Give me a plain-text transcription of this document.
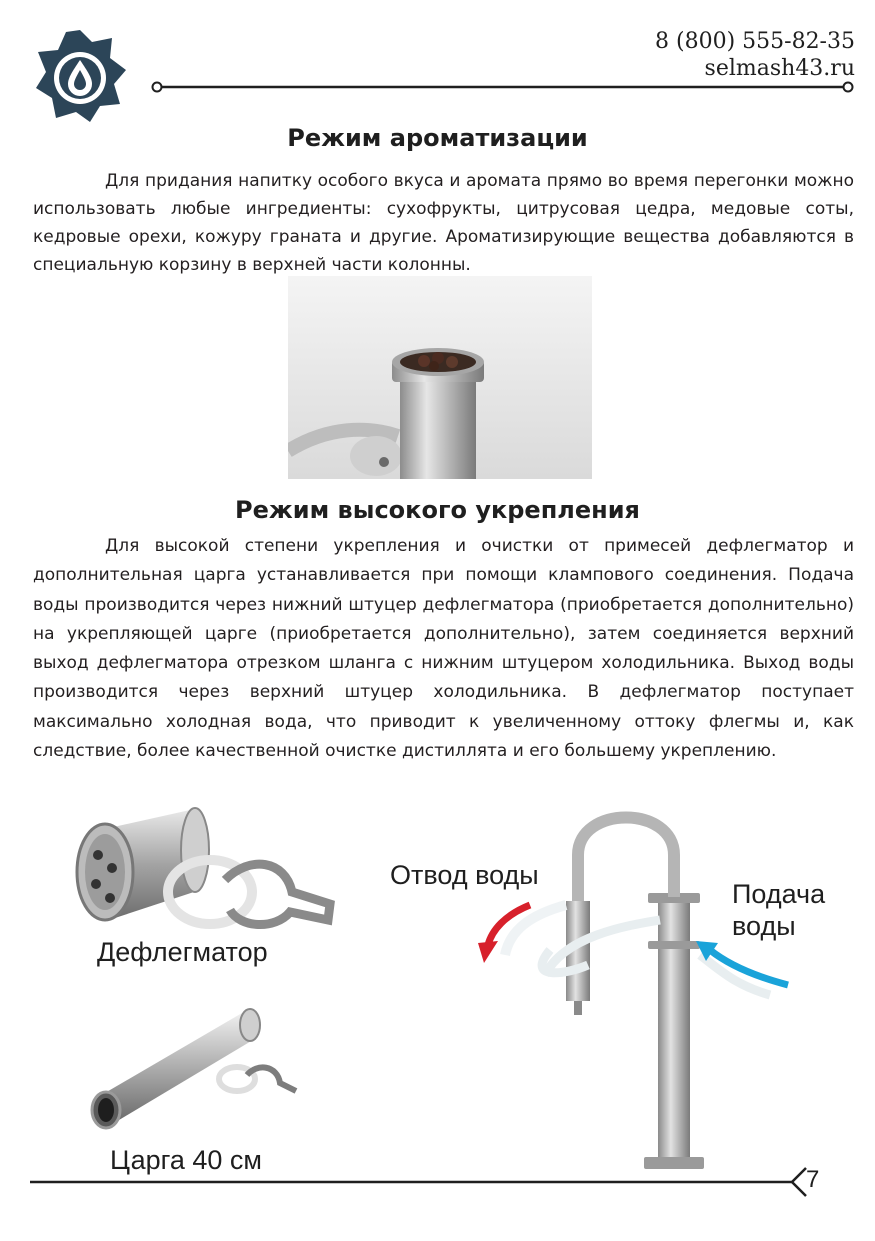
8 (800) 555-82-35
selmash43.ru
Режим ароматизации

Для придания напитку особого вкуса и аромата прямо во время перегонки можно использовать любые ингредиенты: сухофрукты, цитрусовая цедра, медовые соты, кедровые орехи, кожуру граната и другие. Ароматизирующие вещества добавляются в специальную корзину в верхней части колонны.

Режим высокого укрепления

Для высокой степени укрепления и очистки от примесей дефлегматор и дополнительная царга устанавливается при помощи клампового соединения. Подача воды производится через нижний штуцер дефлегматора (приобретается дополнительно) на укрепляющей царге (приобретается дополнительно), затем соединяется верхний выход дефлегматора отрезком шланга с нижним штуцером холодильника. Выход воды производится через верхний штуцер холодильника. В дефлегматор поступает максимально холодная вода, что приводит к увеличенному оттоку флегмы и, как следствие, более качественной очистке дистиллята и его большему укреплению.

Дефлегматор

Царга 40 см

Отвод воды

Подача
воды
7
